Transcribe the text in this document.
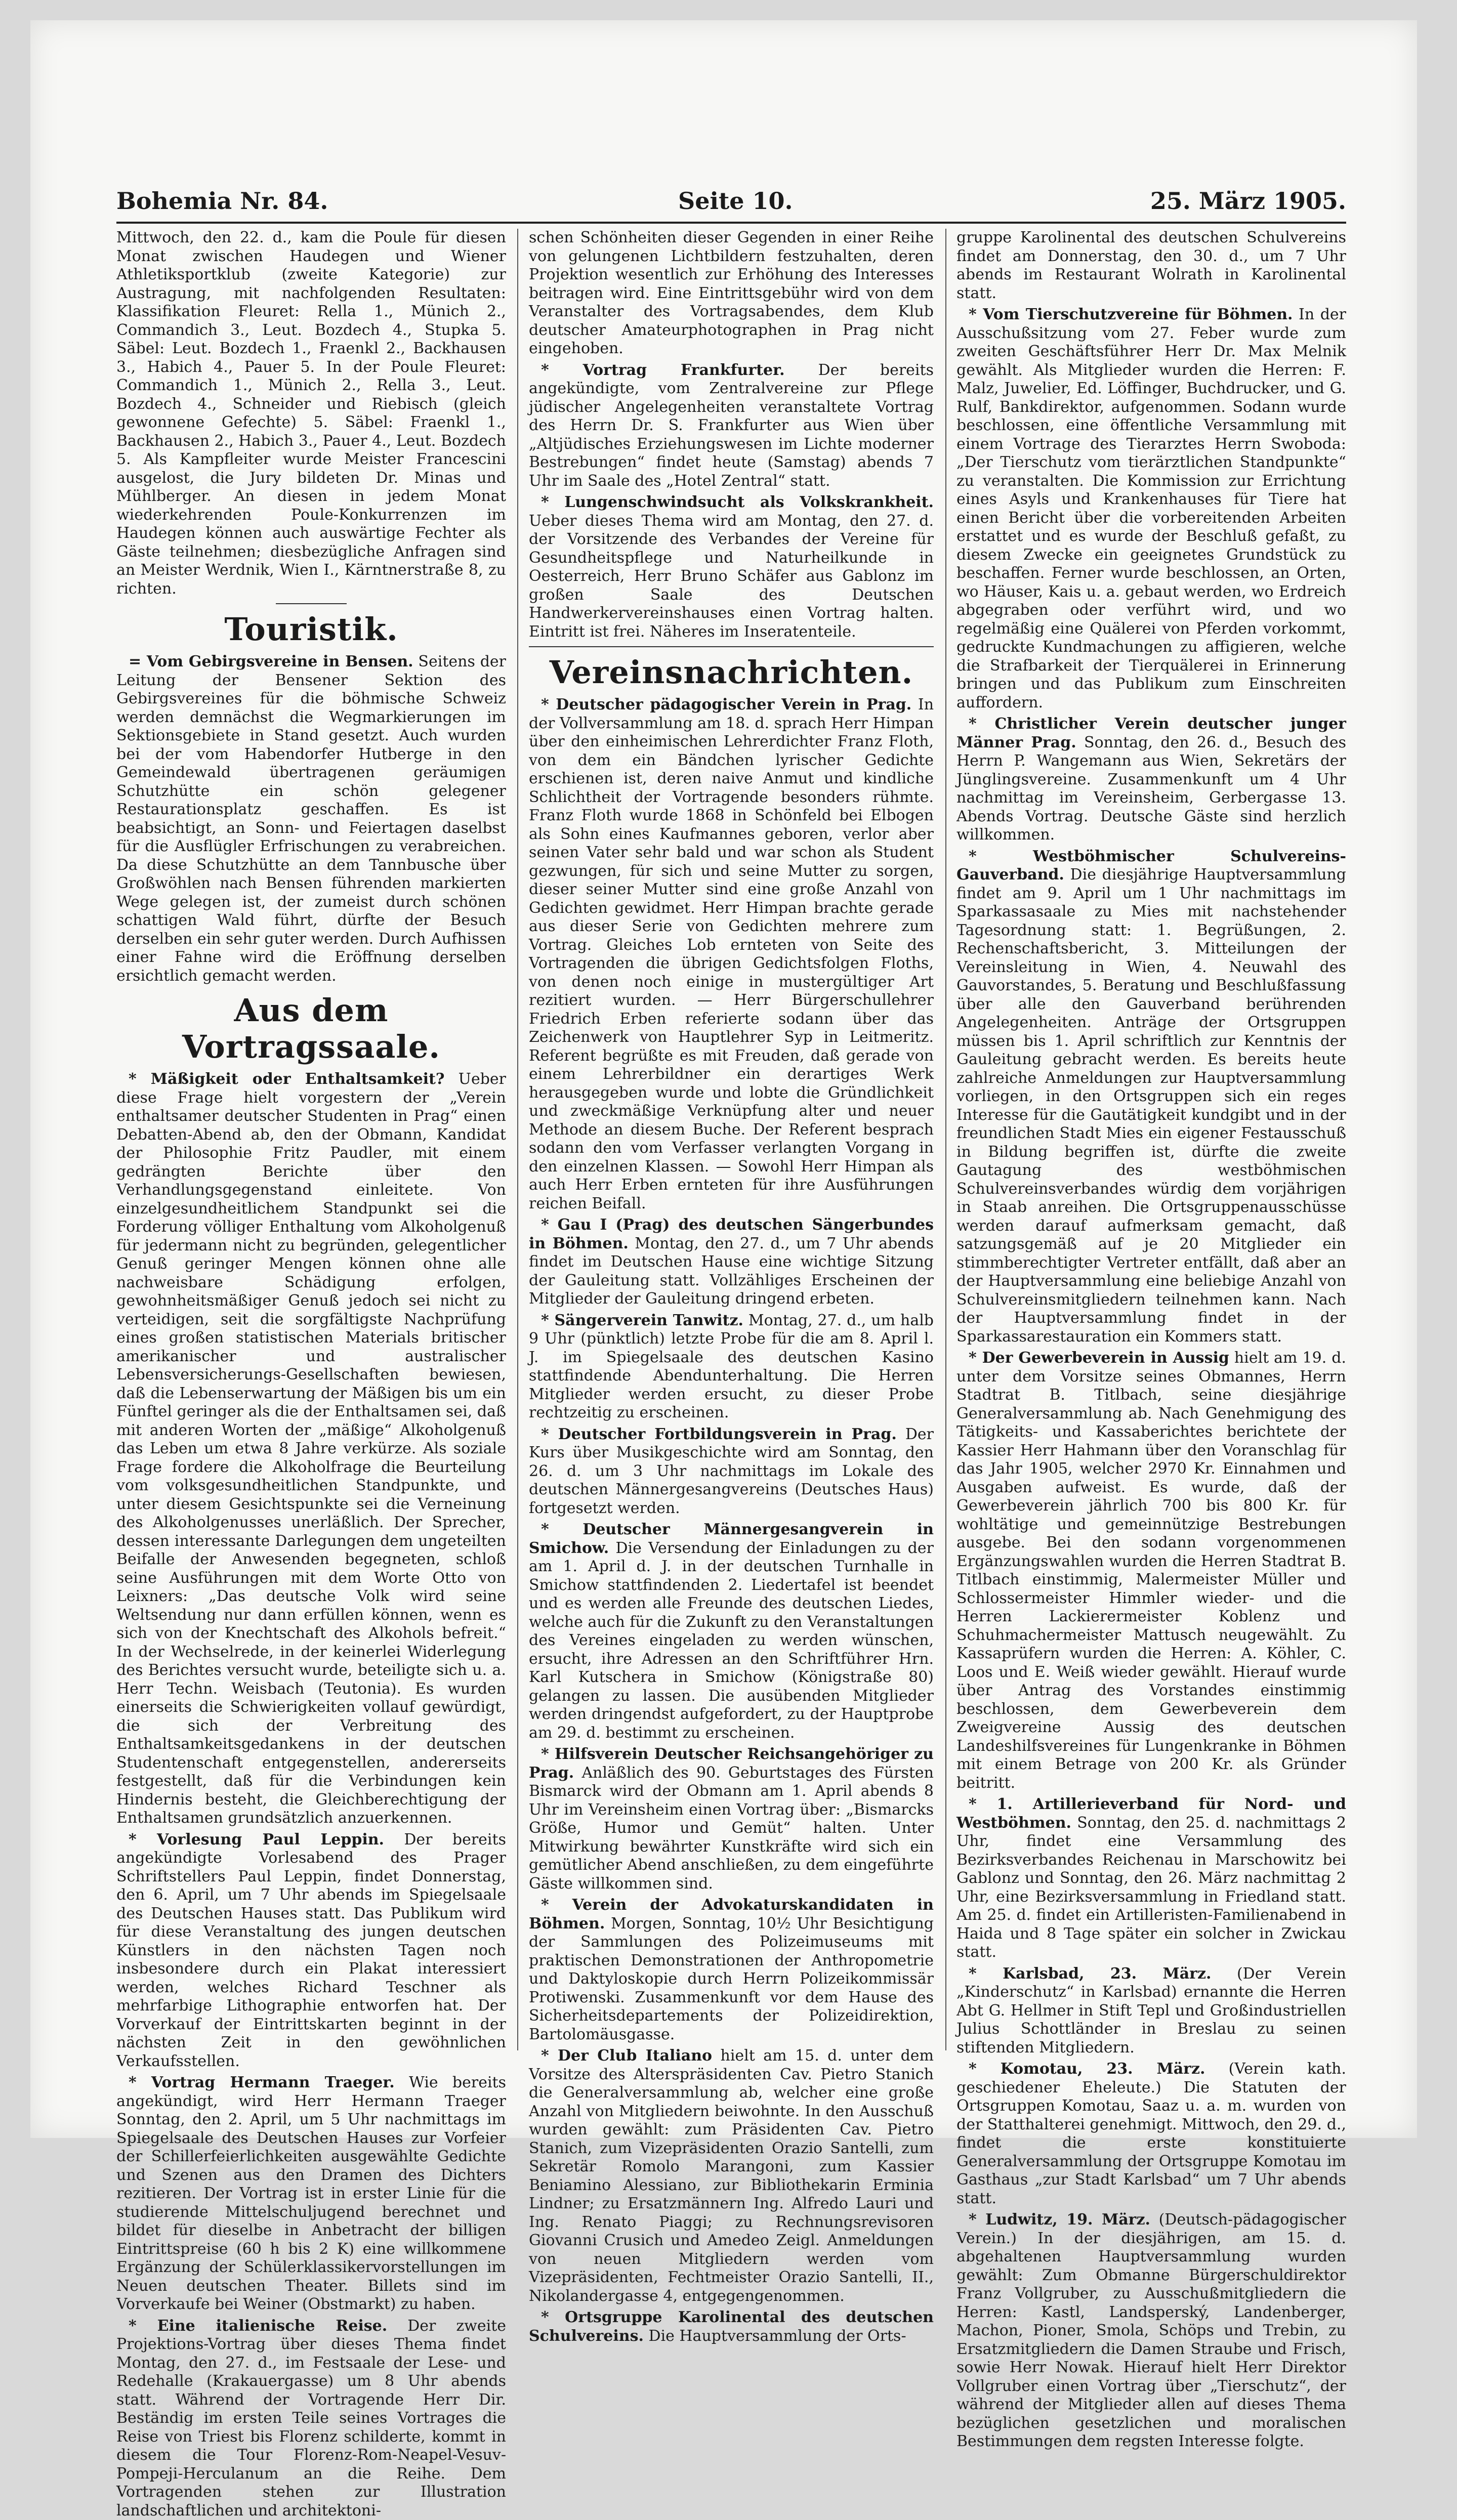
Bohemia Nr. 84.	Seite 10.	25. März 1905.

Mittwoch, den 22. d., kam die Poule für diesen Monat zwischen Haudegen und Wiener Athletiksportklub (zweite Kategorie) zur Austragung, mit nachfolgenden Resultaten: Klassifikation Fleuret: Rella 1., Münich 2., Commandich 3., Leut. Bozdech 4., Stupka 5. Säbel: Leut. Bozdech 1., Fraenkl 2., Backhausen 3., Habich 4., Pauer 5. In der Poule Fleuret: Commandich 1., Münich 2., Rella 3., Leut. Bozdech 4., Schneider und Riebisch (gleich gewonnene Gefechte) 5. Säbel: Fraenkl 1., Backhausen 2., Habich 3., Pauer 4., Leut. Bozdech 5. Als Kampfleiter wurde Meister Francescini ausgelost, die Jury bildeten Dr. Minas und Mühlberger. An diesen in jedem Monat wiederkehrenden Poule-Konkurrenzen im Haudegen können auch auswärtige Fechter als Gäste teilnehmen; diesbezügliche Anfragen sind an Meister Werdnik, Wien I., Kärntnerstraße 8, zu richten.

Touristik.

= Vom Gebirgsvereine in Bensen. Seitens der Leitung der Bensener Sektion des Gebirgsvereines für die böhmische Schweiz werden demnächst die Wegmarkierungen im Sektionsgebiete in Stand gesetzt. Auch wurden bei der vom Habendorfer Hutberge in den Gemeindewald übertragenen geräumigen Schutzhütte ein schön gelegener Restaurationsplatz geschaffen. Es ist beabsichtigt, an Sonn- und Feiertagen daselbst für die Ausflügler Erfrischungen zu verabreichen. Da diese Schutzhütte an dem Tannbusche über Großwöhlen nach Bensen führenden markierten Wege gelegen ist, der zumeist durch schönen schattigen Wald führt, dürfte der Besuch derselben ein sehr guter werden. Durch Aufhissen einer Fahne wird die Eröffnung derselben ersichtlich gemacht werden.

Aus dem Vortragssaale.

* Mäßigkeit oder Enthaltsamkeit? Ueber diese Frage hielt vorgestern der „Verein enthaltsamer deutscher Studenten in Prag“ einen Debatten-Abend ab, den der Obmann, Kandidat der Philosophie Fritz Paudler, mit einem gedrängten Berichte über den Verhandlungsgegenstand einleitete. Von einzelgesundheitlichem Standpunkt sei die Forderung völliger Enthaltung vom Alkoholgenuß für jedermann nicht zu begründen, gelegentlicher Genuß geringer Mengen können ohne alle nachweisbare Schädigung erfolgen, gewohnheitsmäßiger Genuß jedoch sei nicht zu verteidigen, seit die sorgfältigste Nachprüfung eines großen statistischen Materials britischer amerikanischer und australischer Lebensversicherungs-Gesellschaften bewiesen, daß die Lebenserwartung der Mäßigen bis um ein Fünftel geringer als die der Enthaltsamen sei, daß mit anderen Worten der „mäßige“ Alkoholgenuß das Leben um etwa 8 Jahre verkürze. Als soziale Frage fordere die Alkoholfrage die Beurteilung vom volksgesundheitlichen Standpunkte, und unter diesem Gesichtspunkte sei die Verneinung des Alkoholgenusses unerläßlich. Der Sprecher, dessen interessante Darlegungen dem ungeteilten Beifalle der Anwesenden begegneten, schloß seine Ausführungen mit dem Worte Otto von Leixners: „Das deutsche Volk wird seine Weltsendung nur dann erfüllen können, wenn es sich von der Knechtschaft des Alkohols befreit.“ In der Wechselrede, in der keinerlei Widerlegung des Berichtes versucht wurde, beteiligte sich u. a. Herr Techn. Weisbach (Teutonia). Es wurden einerseits die Schwierigkeiten vollauf gewürdigt, die sich der Verbreitung des Enthaltsamkeitsgedankens in der deutschen Studentenschaft entgegenstellen, andererseits festgestellt, daß für die Verbindungen kein Hindernis besteht, die Gleichberechtigung der Enthaltsamen grundsätzlich anzuerkennen.

* Vorlesung Paul Leppin. Der bereits angekündigte Vorlesabend des Prager Schriftstellers Paul Leppin, findet Donnerstag, den 6. April, um 7 Uhr abends im Spiegelsaale des Deutschen Hauses statt. Das Publikum wird für diese Veranstaltung des jungen deutschen Künstlers in den nächsten Tagen noch insbesondere durch ein Plakat interessiert werden, welches Richard Teschner als mehrfarbige Lithographie entworfen hat. Der Vorverkauf der Eintrittskarten beginnt in der nächsten Zeit in den gewöhnlichen Verkaufsstellen.

* Vortrag Hermann Traeger. Wie bereits angekündigt, wird Herr Hermann Traeger Sonntag, den 2. April, um 5 Uhr nachmittags im Spiegelsaale des Deutschen Hauses zur Vorfeier der Schillerfeierlichkeiten ausgewählte Gedichte und Szenen aus den Dramen des Dichters rezitieren. Der Vortrag ist in erster Linie für die studierende Mittelschuljugend berechnet und bildet für dieselbe in Anbetracht der billigen Eintrittspreise (60 h bis 2 K) eine willkommene Ergänzung der Schülerklassikervorstellungen im Neuen deutschen Theater. Billets sind im Vorverkaufe bei Weiner (Obstmarkt) zu haben.

* Eine italienische Reise. Der zweite Projektions-Vortrag über dieses Thema findet Montag, den 27. d., im Festsaale der Lese- und Redehalle (Krakauergasse) um 8 Uhr abends statt. Während der Vortragende Herr Dir. Beständig im ersten Teile seines Vortrages die Reise von Triest bis Florenz schilderte, kommt in diesem die Tour Florenz-Rom-Neapel-Vesuv-Pompeji-Herculanum an die Reihe. Dem Vortragenden stehen zur Illustration landschaftlichen und architektoni-

schen Schönheiten dieser Gegenden in einer Reihe von gelungenen Lichtbildern festzuhalten, deren Projektion wesentlich zur Erhöhung des Interesses beitragen wird. Eine Eintrittsgebühr wird von dem Veranstalter des Vortragsabendes, dem Klub deutscher Amateurphotographen in Prag nicht eingehoben.

* Vortrag Frankfurter. Der bereits angekündigte, vom Zentralvereine zur Pflege jüdischer Angelegenheiten veranstaltete Vortrag des Herrn Dr. S. Frankfurter aus Wien über „Altjüdisches Erziehungswesen im Lichte moderner Bestrebungen“ findet heute (Samstag) abends 7 Uhr im Saale des „Hotel Zentral“ statt.

* Lungenschwindsucht als Volkskrankheit. Ueber dieses Thema wird am Montag, den 27. d. der Vorsitzende des Verbandes der Vereine für Gesundheitspflege und Naturheilkunde in Oesterreich, Herr Bruno Schäfer aus Gablonz im großen Saale des Deutschen Handwerkervereinshauses einen Vortrag halten. Eintritt ist frei. Näheres im Inseratenteile.

Vereinsnachrichten.

* Deutscher pädagogischer Verein in Prag. In der Vollversammlung am 18. d. sprach Herr Himpan über den einheimischen Lehrerdichter Franz Floth, von dem ein Bändchen lyrischer Gedichte erschienen ist, deren naive Anmut und kindliche Schlichtheit der Vortragende besonders rühmte. Franz Floth wurde 1868 in Schönfeld bei Elbogen als Sohn eines Kaufmannes geboren, verlor aber seinen Vater sehr bald und war schon als Student gezwungen, für sich und seine Mutter zu sorgen, dieser seiner Mutter sind eine große Anzahl von Gedichten gewidmet. Herr Himpan brachte gerade aus dieser Serie von Gedichten mehrere zum Vortrag. Gleiches Lob ernteten von Seite des Vortragenden die übrigen Gedichtsfolgen Floths, von denen noch einige in mustergültiger Art rezitiert wurden. — Herr Bürgerschullehrer Friedrich Erben referierte sodann über das Zeichenwerk von Hauptlehrer Syp in Leitmeritz. Referent begrüßte es mit Freuden, daß gerade von einem Lehrerbildner ein derartiges Werk herausgegeben wurde und lobte die Gründlichkeit und zweckmäßige Verknüpfung alter und neuer Methode an diesem Buche. Der Referent besprach sodann den vom Verfasser verlangten Vorgang in den einzelnen Klassen. — Sowohl Herr Himpan als auch Herr Erben ernteten für ihre Ausführungen reichen Beifall.

* Gau I (Prag) des deutschen Sängerbundes in Böhmen. Montag, den 27. d., um 7 Uhr abends findet im Deutschen Hause eine wichtige Sitzung der Gauleitung statt. Vollzähliges Erscheinen der Mitglieder der Gauleitung dringend erbeten.

* Sängerverein Tanwitz. Montag, 27. d., um halb 9 Uhr (pünktlich) letzte Probe für die am 8. April l. J. im Spiegelsaale des deutschen Kasino stattfindende Abendunterhaltung. Die Herren Mitglieder werden ersucht, zu dieser Probe rechtzeitig zu erscheinen.

* Deutscher Fortbildungsverein in Prag. Der Kurs über Musikgeschichte wird am Sonntag, den 26. d. um 3 Uhr nachmittags im Lokale des deutschen Männergesangvereins (Deutsches Haus) fortgesetzt werden.

* Deutscher Männergesangverein in Smichow. Die Versendung der Einladungen zu der am 1. April d. J. in der deutschen Turnhalle in Smichow stattfindenden 2. Liedertafel ist beendet und es werden alle Freunde des deutschen Liedes, welche auch für die Zukunft zu den Veranstaltungen des Vereines eingeladen zu werden wünschen, ersucht, ihre Adressen an den Schriftführer Hrn. Karl Kutschera in Smichow (Königstraße 80) gelangen zu lassen. Die ausübenden Mitglieder werden dringendst aufgefordert, zu der Hauptprobe am 29. d. bestimmt zu erscheinen.

* Hilfsverein Deutscher Reichsangehöriger zu Prag. Anläßlich des 90. Geburtstages des Fürsten Bismarck wird der Obmann am 1. April abends 8 Uhr im Vereinsheim einen Vortrag über: „Bismarcks Größe, Humor und Gemüt“ halten. Unter Mitwirkung bewährter Kunstkräfte wird sich ein gemütlicher Abend anschließen, zu dem eingeführte Gäste willkommen sind.

* Verein der Advokaturskandidaten in Böhmen. Morgen, Sonntag, 10½ Uhr Besichtigung der Sammlungen des Polizeimuseums mit praktischen Demonstrationen der Anthropometrie und Daktyloskopie durch Herrn Polizeikommissär Protiwenski. Zusammenkunft vor dem Hause des Sicherheitsdepartements der Polizeidirektion, Bartolomäusgasse.

* Der Club Italiano hielt am 15. d. unter dem Vorsitze des Alterspräsidenten Cav. Pietro Stanich die Generalversammlung ab, welcher eine große Anzahl von Mitgliedern beiwohnte. In den Ausschuß wurden gewählt: zum Präsidenten Cav. Pietro Stanich, zum Vizepräsidenten Orazio Santelli, zum Sekretär Romolo Marangoni, zum Kassier Beniamino Alessiano, zur Bibliothekarin Erminia Lindner; zu Ersatzmännern Ing. Alfredo Lauri und Ing. Renato Piaggi; zu Rechnungsrevisoren Giovanni Crusich und Amedeo Zeigl. Anmeldungen von neuen Mitgliedern werden vom Vizepräsidenten, Fechtmeister Orazio Santelli, II., Nikolandergasse 4, entgegengenommen.

* Ortsgruppe Karolinental des deutschen Schulvereins. Die Hauptversammlung der Orts-

gruppe Karolinental des deutschen Schulvereins findet am Donnerstag, den 30. d., um 7 Uhr abends im Restaurant Wolrath in Karolinental statt.

* Vom Tierschutzvereine für Böhmen. In der Ausschußsitzung vom 27. Feber wurde zum zweiten Geschäftsführer Herr Dr. Max Melnik gewählt. Als Mitglieder wurden die Herren: F. Malz, Juwelier, Ed. Löffinger, Buchdrucker, und G. Rulf, Bankdirektor, aufgenommen. Sodann wurde beschlossen, eine öffentliche Versammlung mit einem Vortrage des Tierarztes Herrn Swoboda: „Der Tierschutz vom tierärztlichen Standpunkte“ zu veranstalten. Die Kommission zur Errichtung eines Asyls und Krankenhauses für Tiere hat einen Bericht über die vorbereitenden Arbeiten erstattet und es wurde der Beschluß gefaßt, zu diesem Zwecke ein geeignetes Grundstück zu beschaffen. Ferner wurde beschlossen, an Orten, wo Häuser, Kais u. a. gebaut werden, wo Erdreich abgegraben oder verführt wird, und wo regelmäßig eine Quälerei von Pferden vorkommt, gedruckte Kundmachungen zu affigieren, welche die Strafbarkeit der Tierquälerei in Erinnerung bringen und das Publikum zum Einschreiten auffordern.

* Christlicher Verein deutscher junger Männer Prag. Sonntag, den 26. d., Besuch des Herrn P. Wangemann aus Wien, Sekretärs der Jünglingsvereine. Zusammenkunft um 4 Uhr nachmittag im Vereinsheim, Gerbergasse 13. Abends Vortrag. Deutsche Gäste sind herzlich willkommen.

* Westböhmischer Schulvereins-Gauverband. Die diesjährige Hauptversammlung findet am 9. April um 1 Uhr nachmittags im Sparkassasaale zu Mies mit nachstehender Tagesordnung statt: 1. Begrüßungen, 2. Rechenschaftsbericht, 3. Mitteilungen der Vereinsleitung in Wien, 4. Neuwahl des Gauvorstandes, 5. Beratung und Beschlußfassung über alle den Gauverband berührenden Angelegenheiten. Anträge der Ortsgruppen müssen bis 1. April schriftlich zur Kenntnis der Gauleitung gebracht werden. Es bereits heute zahlreiche Anmeldungen zur Hauptversammlung vorliegen, in den Ortsgruppen sich ein reges Interesse für die Gautätigkeit kundgibt und in der freundlichen Stadt Mies ein eigener Festausschuß in Bildung begriffen ist, dürfte die zweite Gautagung des westböhmischen Schulvereinsverbandes würdig dem vorjährigen in Staab anreihen. Die Ortsgruppenausschüsse werden darauf aufmerksam gemacht, daß satzungsgemäß auf je 20 Mitglieder ein stimmberechtigter Vertreter entfällt, daß aber an der Hauptversammlung eine beliebige Anzahl von Schulvereinsmitgliedern teilnehmen kann. Nach der Hauptversammlung findet in der Sparkassarestauration ein Kommers statt.

* Der Gewerbeverein in Aussig hielt am 19. d. unter dem Vorsitze seines Obmannes, Herrn Stadtrat B. Titlbach, seine diesjährige Generalversammlung ab. Nach Genehmigung des Tätigkeits- und Kassaberichtes berichtete der Kassier Herr Hahmann über den Voranschlag für das Jahr 1905, welcher 2970 Kr. Einnahmen und Ausgaben aufweist. Es wurde, daß der Gewerbeverein jährlich 700 bis 800 Kr. für wohltätige und gemeinnützige Bestrebungen ausgebe. Bei den sodann vorgenommenen Ergänzungswahlen wurden die Herren Stadtrat B. Titlbach einstimmig, Malermeister Müller und Schlossermeister Himmler wieder- und die Herren Lackierermeister Koblenz und Schuhmachermeister Mattusch neugewählt. Zu Kassaprüfern wurden die Herren: A. Köhler, C. Loos und E. Weiß wieder gewählt. Hierauf wurde über Antrag des Vorstandes einstimmig beschlossen, dem Gewerbeverein dem Zweigvereine Aussig des deutschen Landeshilfsvereines für Lungenkranke in Böhmen mit einem Betrage von 200 Kr. als Gründer beitritt.

* 1. Artillerieverband für Nord- und Westböhmen. Sonntag, den 25. d. nachmittags 2 Uhr, findet eine Versammlung des Bezirksverbandes Reichenau in Marschowitz bei Gablonz und Sonntag, den 26. März nachmittag 2 Uhr, eine Bezirksversammlung in Friedland statt. Am 25. d. findet ein Artilleristen-Familienabend in Haida und 8 Tage später ein solcher in Zwickau statt.

* Karlsbad, 23. März. (Der Verein „Kinderschutz“ in Karlsbad) ernannte die Herren Abt G. Hellmer in Stift Tepl und Großindustriellen Julius Schottländer in Breslau zu seinen stiftenden Mitgliedern.

* Komotau, 23. März. (Verein kath. geschiedener Eheleute.) Die Statuten der Ortsgruppen Komotau, Saaz u. a. m. wurden von der Statthalterei genehmigt. Mittwoch, den 29. d., findet die erste konstituierte Generalversammlung der Ortsgruppe Komotau im Gasthaus „zur Stadt Karlsbad“ um 7 Uhr abends statt.

* Ludwitz, 19. März. (Deutsch-pädagogischer Verein.) In der diesjährigen, am 15. d. abgehaltenen Hauptversammlung wurden gewählt: Zum Obmanne Bürgerschuldirektor Franz Vollgruber, zu Ausschußmitgliedern die Herren: Kastl, Landsperský, Landenberger, Machon, Pioner, Smola, Schöps und Trebin, zu Ersatzmitgliedern die Damen Straube und Frisch, sowie Herr Nowak. Hierauf hielt Herr Direktor Vollgruber einen Vortrag über „Tierschutz“, der während der Mitglieder allen auf dieses Thema bezüglichen gesetzlichen und moralischen Bestimmungen dem regsten Interesse folgte.
